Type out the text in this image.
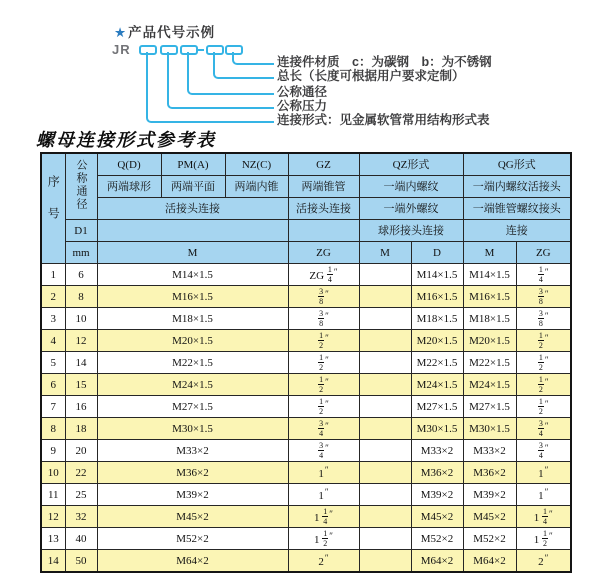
★产品代号示例
JR
连接件材质　c：为碳钢　b：为不锈钢
总长（长度可根据用户要求定制）
公称通径
公称压力
连接形式：见金属软管常用结构形式表
螺母连接形式参考表
序号	公称通径	Q(D)	PM(A)	NZ(C)	GZ	QZ形式		QG形式	
		两端球形	两端平面	两端内锥	两端锥管	一端内螺纹		一端内螺纹活接头	
		活接头连接			活接头连接	一端外螺纹		一端锥管螺纹接头	
	D1					球形接头连接		连接	
	mm	M			ZG	M	D	M	ZG
1	6	M14×1.5			ZG $\frac{1}{4} ''$		M14×1.5	M14×1.5	$\frac{1}{4} ''$
2	8	M16×1.5			$\frac{3}{8} ''$		M16×1.5	M16×1.5	$\frac{3}{8} ''$
3	10	M18×1.5			$\frac{3}{8} ''$		M18×1.5	M18×1.5	$\frac{3}{8} ''$
4	12	M20×1.5			$\frac{1}{2} ''$		M20×1.5	M20×1.5	$\frac{1}{2} ''$
5	14	M22×1.5			$\frac{1}{2} ''$		M22×1.5	M22×1.5	$\frac{1}{2} ''$
6	15	M24×1.5			$\frac{1}{2} ''$		M24×1.5	M24×1.5	$\frac{1}{2} ''$
7	16	M27×1.5			$\frac{1}{2} ''$		M27×1.5	M27×1.5	$\frac{1}{2} ''$
8	18	M30×1.5			$\frac{3}{4} ''$		M30×1.5	M30×1.5	$\frac{3}{4} ''$
9	20	M33×2			$\frac{3}{4} ''$		M33×2	M33×2	$\frac{3}{4} ''$
10	22	M36×2			1″		M36×2	M36×2	1″
11	25	M39×2			1″		M39×2	M39×2	1″
12	32	M45×2			$1 \frac{1}{4} ''$		M45×2	M45×2	$1 \frac{1}{4} ''$
13	40	M52×2			$1 \frac{1}{2} ''$		M52×2	M52×2	$1 \frac{1}{2} ''$
14	50	M64×2			2″		M64×2	M64×2	2″
